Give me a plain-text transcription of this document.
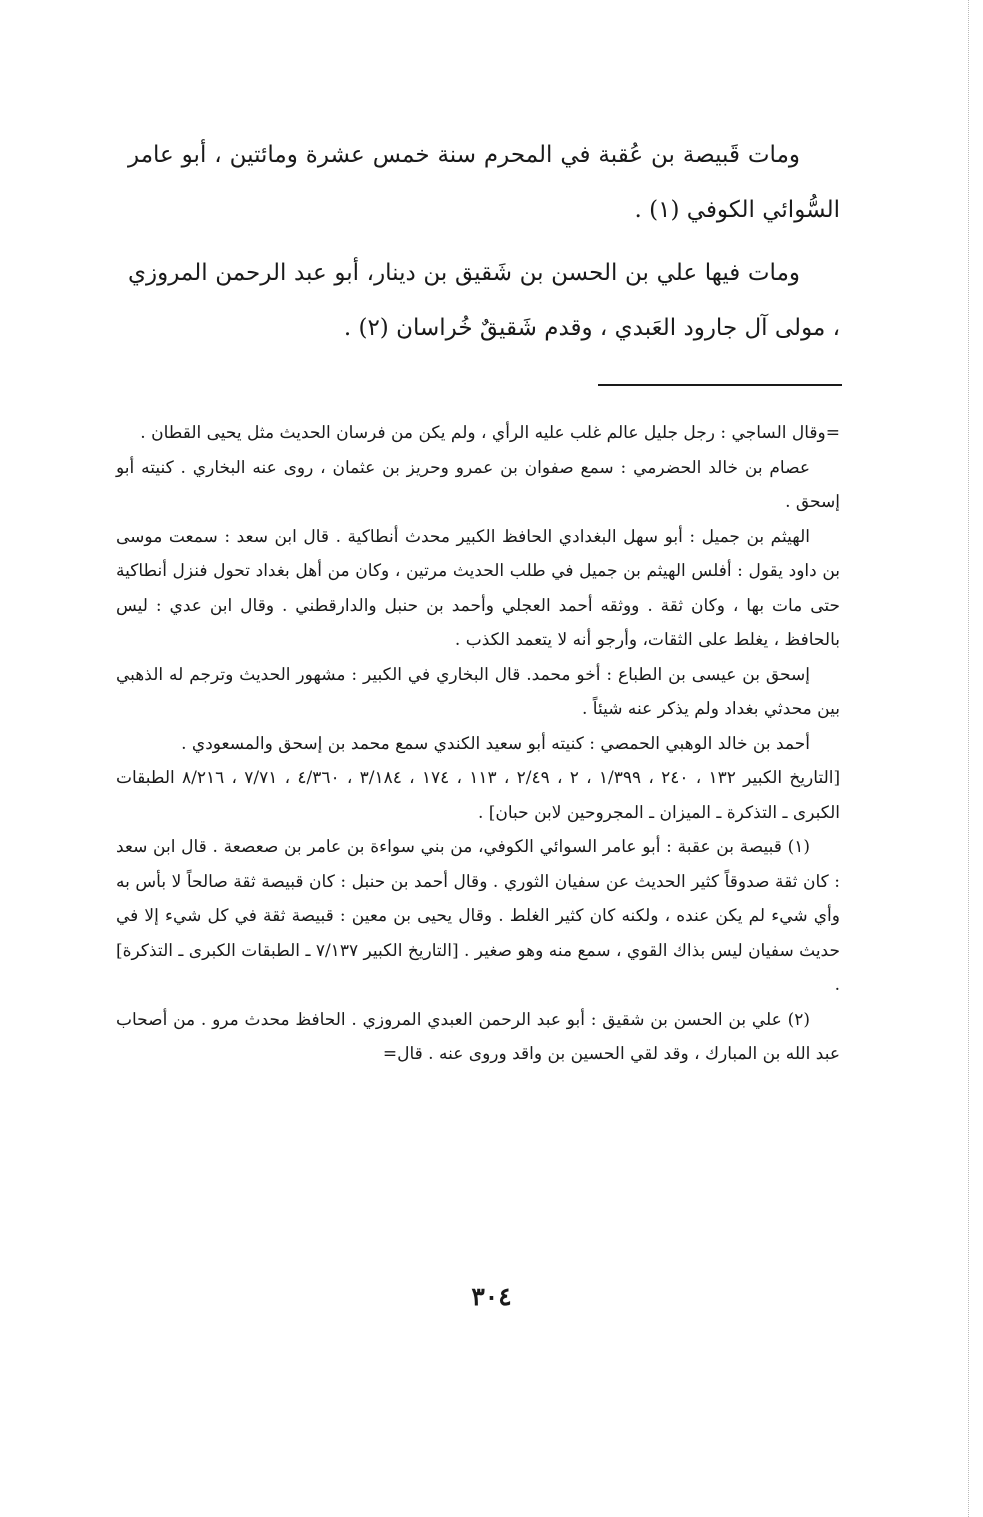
ومات قَبيصة بن عُقبة في المحرم سنة خمس عشرة ومائتين ، أبو عامر السُّوائي الكوفي (١) .

ومات فيها علي بن الحسن بن شَقيق بن دينار، أبو عبد الرحمن المروزي ، مولى آل جارود العَبدي ، وقدم شَقيقٌ خُراسان (٢) .

=وقال الساجي : رجل جليل عالم غلب عليه الرأي ، ولم يكن من فرسان الحديث مثل يحيى القطان .

عصام بن خالد الحضرمي : سمع صفوان بن عمرو وحريز بن عثمان ، روى عنه البخاري . كنيته أبو إسحق .

الهيثم بن جميل : أبو سهل البغدادي الحافظ الكبير محدث أنطاكية . قال ابن سعد : سمعت موسى بن داود يقول : أفلس الهيثم بن جميل في طلب الحديث مرتين ، وكان من أهل بغداد تحول فنزل أنطاكية حتى مات بها ، وكان ثقة . ووثقه أحمد العجلي وأحمد بن حنبل والدارقطني . وقال ابن عدي : ليس بالحافظ ، يغلط على الثقات، وأرجو أنه لا يتعمد الكذب .

إسحق بن عيسى بن الطباع : أخو محمد. قال البخاري في الكبير : مشهور الحديث وترجم له الذهبي بين محدثي بغداد ولم يذكر عنه شيئاً .

أحمد بن خالد الوهبي الحمصي : كنيته أبو سعيد الكندي سمع محمد بن إسحق والمسعودي .

[التاريخ الكبير ١٣٢ ، ٢٤٠ ، ١/٣٩٩ ، ٢ ، ٢/٤٩ ، ١١٣ ، ١٧٤ ، ٣/١٨٤ ، ٤/٣٦٠ ، ٧/٧١ ، ٨/٢١٦ الطبقات الكبرى ـ التذكرة ـ الميزان ـ المجروحين لابن حبان] .

(١) قبيصة بن عقبة : أبو عامر السوائي الكوفي، من بني سواءة بن عامر بن صعصعة . قال ابن سعد : كان ثقة صدوقاً كثير الحديث عن سفيان الثوري . وقال أحمد بن حنبل : كان قبيصة ثقة صالحاً لا بأس به وأي شيء لم يكن عنده ، ولكنه كان كثير الغلط . وقال يحيى بن معين : قبيصة ثقة في كل شيء إلا في حديث سفيان ليس بذاك القوي ، سمع منه وهو صغير . [التاريخ الكبير ٧/١٣٧ ـ الطبقات الكبرى ـ التذكرة] .

(٢) علي بن الحسن بن شقيق : أبو عبد الرحمن العبدي المروزي . الحافظ محدث مرو . من أصحاب عبد الله بن المبارك ، وقد لقي الحسين بن واقد وروى عنه . قال=

٣٠٤
